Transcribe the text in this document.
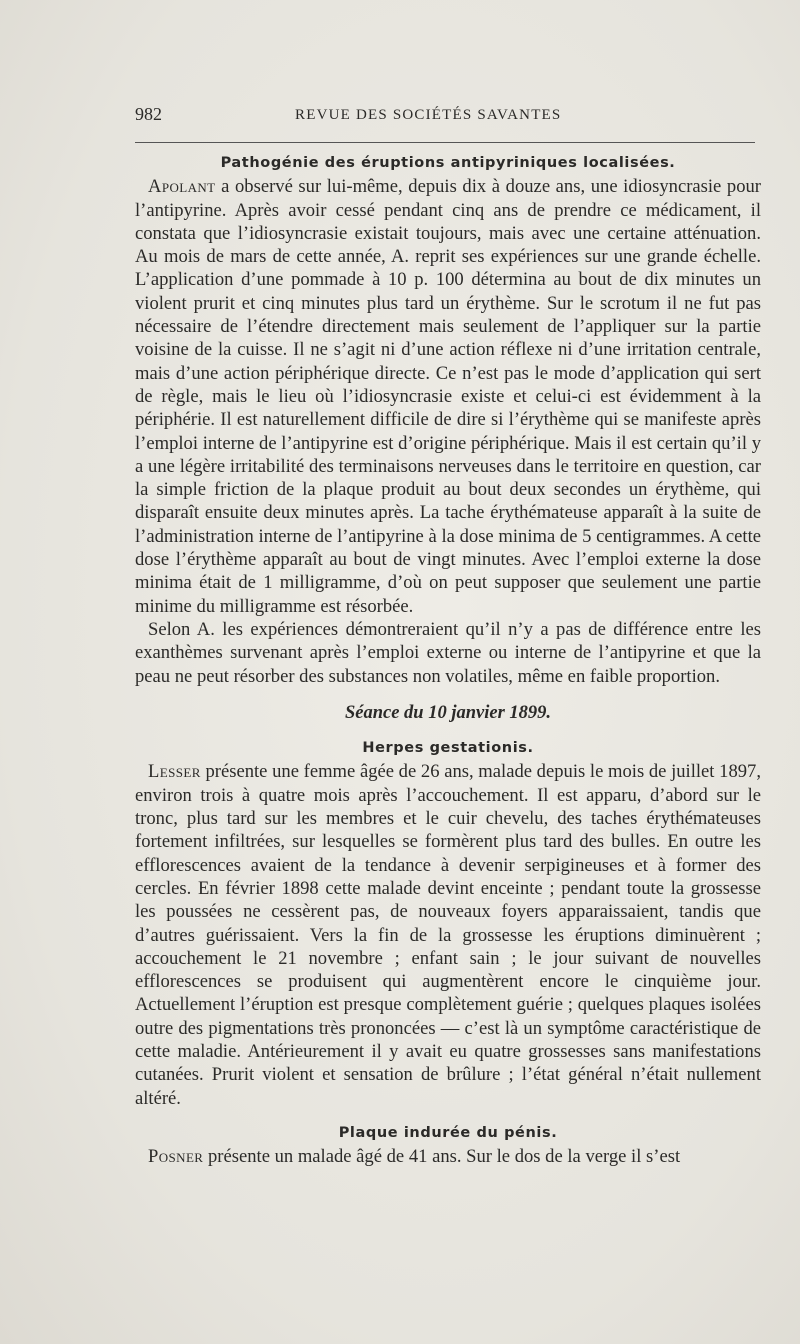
982	REVUE DES SOCIÉTÉS SAVANTES
Pathogénie des éruptions antipyriniques localisées.

Apolant a observé sur lui-même, depuis dix à douze ans, une idiosyncrasie pour l’antipyrine. Après avoir cessé pendant cinq ans de prendre ce médicament, il constata que l’idiosyncrasie existait toujours, mais avec une certaine atténuation. Au mois de mars de cette année, A. reprit ses expériences sur une grande échelle. L’application d’une pommade à 10 p. 100 détermina au bout de dix minutes un violent prurit et cinq minutes plus tard un érythème. Sur le scrotum il ne fut pas nécessaire de l’étendre directement mais seulement de l’appliquer sur la partie voisine de la cuisse. Il ne s’agit ni d’une action réflexe ni d’une irritation centrale, mais d’une action périphérique directe. Ce n’est pas le mode d’application qui sert de règle, mais le lieu où l’idiosyncrasie existe et celui-ci est évidemment à la périphérie. Il est naturellement difficile de dire si l’érythème qui se manifeste après l’emploi interne de l’antipyrine est d’origine périphérique. Mais il est certain qu’il y a une légère irritabilité des terminaisons nerveuses dans le territoire en question, car la simple friction de la plaque produit au bout deux secondes un érythème, qui disparaît ensuite deux minutes après. La tache érythémateuse apparaît à la suite de l’administration interne de l’antipyrine à la dose minima de 5 centigrammes. A cette dose l’érythème apparaît au bout de vingt minutes. Avec l’emploi externe la dose minima était de 1 milligramme, d’où on peut supposer que seulement une partie minime du milligramme est résorbée.

Selon A. les expériences démontreraient qu’il n’y a pas de différence entre les exanthèmes survenant après l’emploi externe ou interne de l’antipyrine et que la peau ne peut résorber des substances non volatiles, même en faible proportion.

Séance du 10 janvier 1899.
Herpes gestationis.

Lesser présente une femme âgée de 26 ans, malade depuis le mois de juillet 1897, environ trois à quatre mois après l’accouchement. Il est apparu, d’abord sur le tronc, plus tard sur les membres et le cuir chevelu, des taches érythémateuses fortement infiltrées, sur lesquelles se formèrent plus tard des bulles. En outre les efflorescences avaient de la tendance à devenir serpigineuses et à former des cercles. En février 1898 cette malade devint enceinte ; pendant toute la grossesse les poussées ne cessèrent pas, de nouveaux foyers apparaissaient, tandis que d’autres guérissaient. Vers la fin de la grossesse les éruptions diminuèrent ; accouchement le 21 novembre ; enfant sain ; le jour suivant de nouvelles efflorescences se produisent qui augmentèrent encore le cinquième jour. Actuellement l’éruption est presque complètement guérie ; quelques plaques isolées outre des pigmentations très prononcées — c’est là un symptôme caractéristique de cette maladie. Antérieurement il y avait eu quatre grossesses sans manifestations cutanées. Prurit violent et sensation de brûlure ; l’état général n’était nullement altéré.

Plaque indurée du pénis.

Posner présente un malade âgé de 41 ans. Sur le dos de la verge il s’est
